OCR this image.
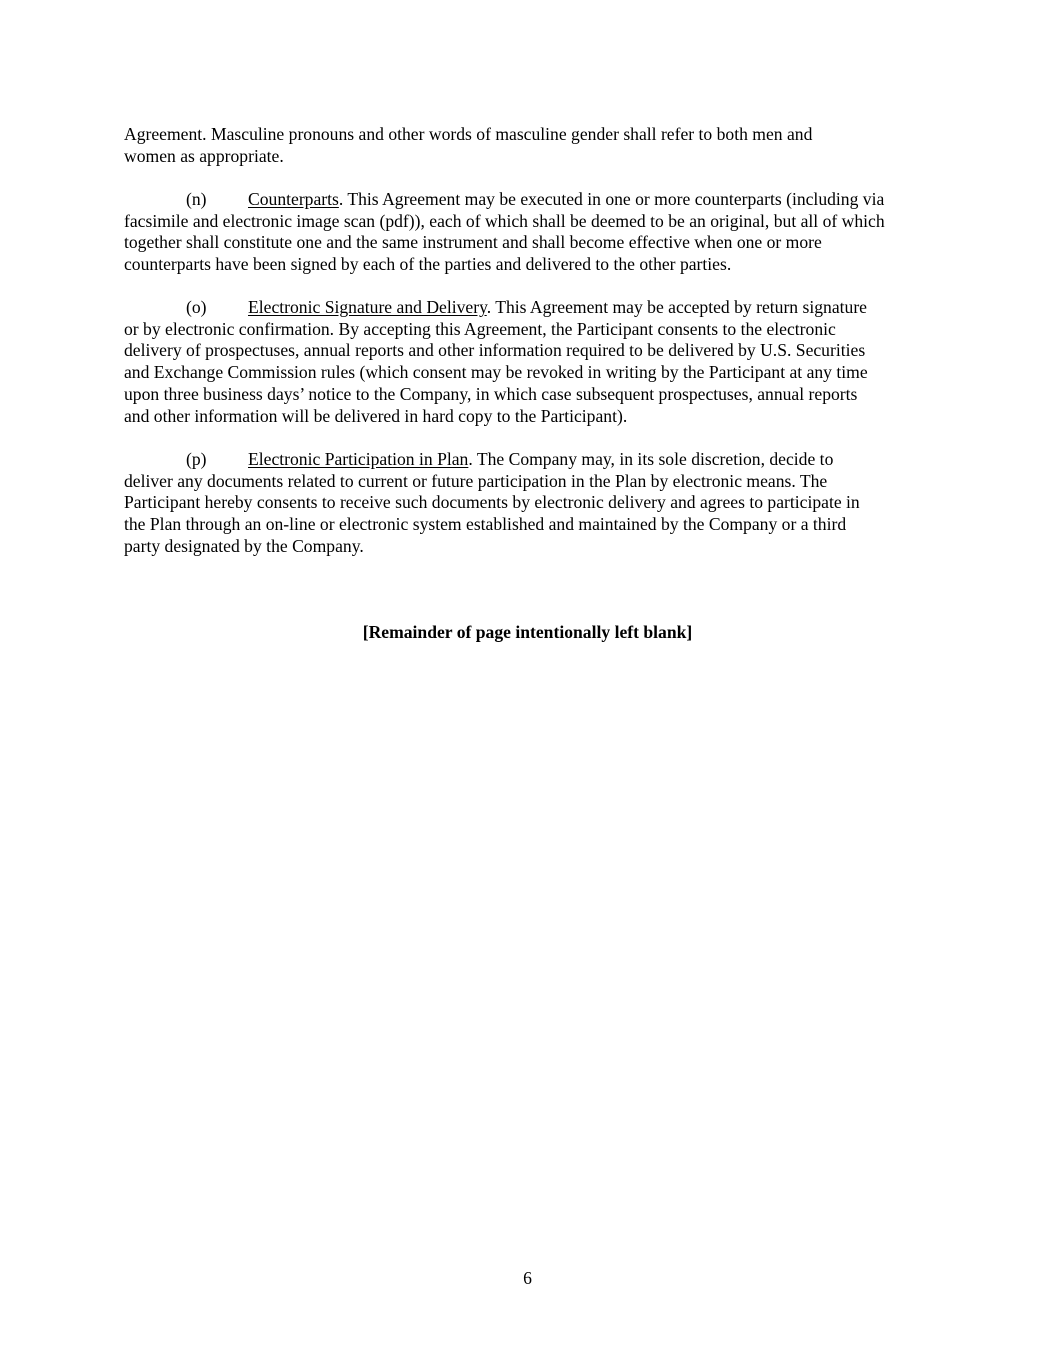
Agreement. Masculine pronouns and other words of masculine gender shall refer to both men and
women as appropriate.

(n) Counterparts. This Agreement may be executed in one or more counterparts (including via
facsimile and electronic image scan (pdf)), each of which shall be deemed to be an original, but all of which
together shall constitute one and the same instrument and shall become effective when one or more
counterparts have been signed by each of the parties and delivered to the other parties.

(o) Electronic Signature and Delivery. This Agreement may be accepted by return signature
or by electronic confirmation. By accepting this Agreement, the Participant consents to the electronic
delivery of prospectuses, annual reports and other information required to be delivered by U.S. Securities
and Exchange Commission rules (which consent may be revoked in writing by the Participant at any time
upon three business days’ notice to the Company, in which case subsequent prospectuses, annual reports
and other information will be delivered in hard copy to the Participant).

(p) Electronic Participation in Plan. The Company may, in its sole discretion, decide to
deliver any documents related to current or future participation in the Plan by electronic means. The
Participant hereby consents to receive such documents by electronic delivery and agrees to participate in
the Plan through an on-line or electronic system established and maintained by the Company or a third
party designated by the Company.

[Remainder of page intentionally left blank]
6
